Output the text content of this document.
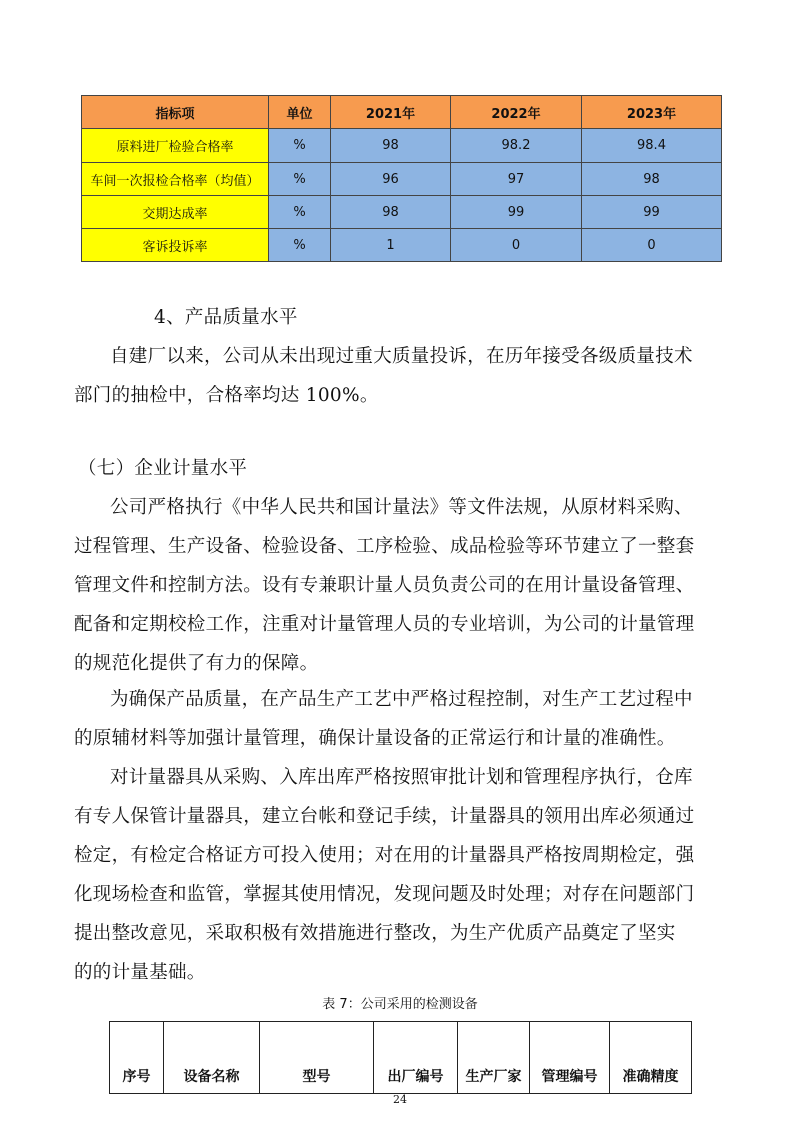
指标项	单位	2021年	2022年	2023年
原料进厂检验合格率	%	98	98.2	98.4
车间一次报检合格率（均值）	%	96	97	98
交期达成率	%	98	99	99
客诉投诉率	%	1	0	0
4、产品质量水平
自建厂以来，公司从未出现过重大质量投诉，在历年接受各级质量技术
部门的抽检中，合格率均达 100%。
（七）企业计量水平
公司严格执行《中华人民共和国计量法》等文件法规，从原材料采购、
过程管理、生产设备、检验设备、工序检验、成品检验等环节建立了一整套
管理文件和控制方法。设有专兼职计量人员负责公司的在用计量设备管理、
配备和定期校检工作，注重对计量管理人员的专业培训，为公司的计量管理
的规范化提供了有力的保障。
为确保产品质量，在产品生产工艺中严格过程控制，对生产工艺过程中
的原辅材料等加强计量管理，确保计量设备的正常运行和计量的准确性。
对计量器具从采购、入库出库严格按照审批计划和管理程序执行，仓库
有专人保管计量器具，建立台帐和登记手续，计量器具的领用出库必须通过
检定，有检定合格证方可投入使用；对在用的计量器具严格按周期检定，强
化现场检查和监管，掌握其使用情况，发现问题及时处理；对存在问题部门
提出整改意见，采取积极有效措施进行整改，为生产优质产品奠定了坚实
的的计量基础。
表 7：公司采用的检测设备
序号	设备名称	型号	出厂编号	生产厂家	管理编号	准确精度
24
